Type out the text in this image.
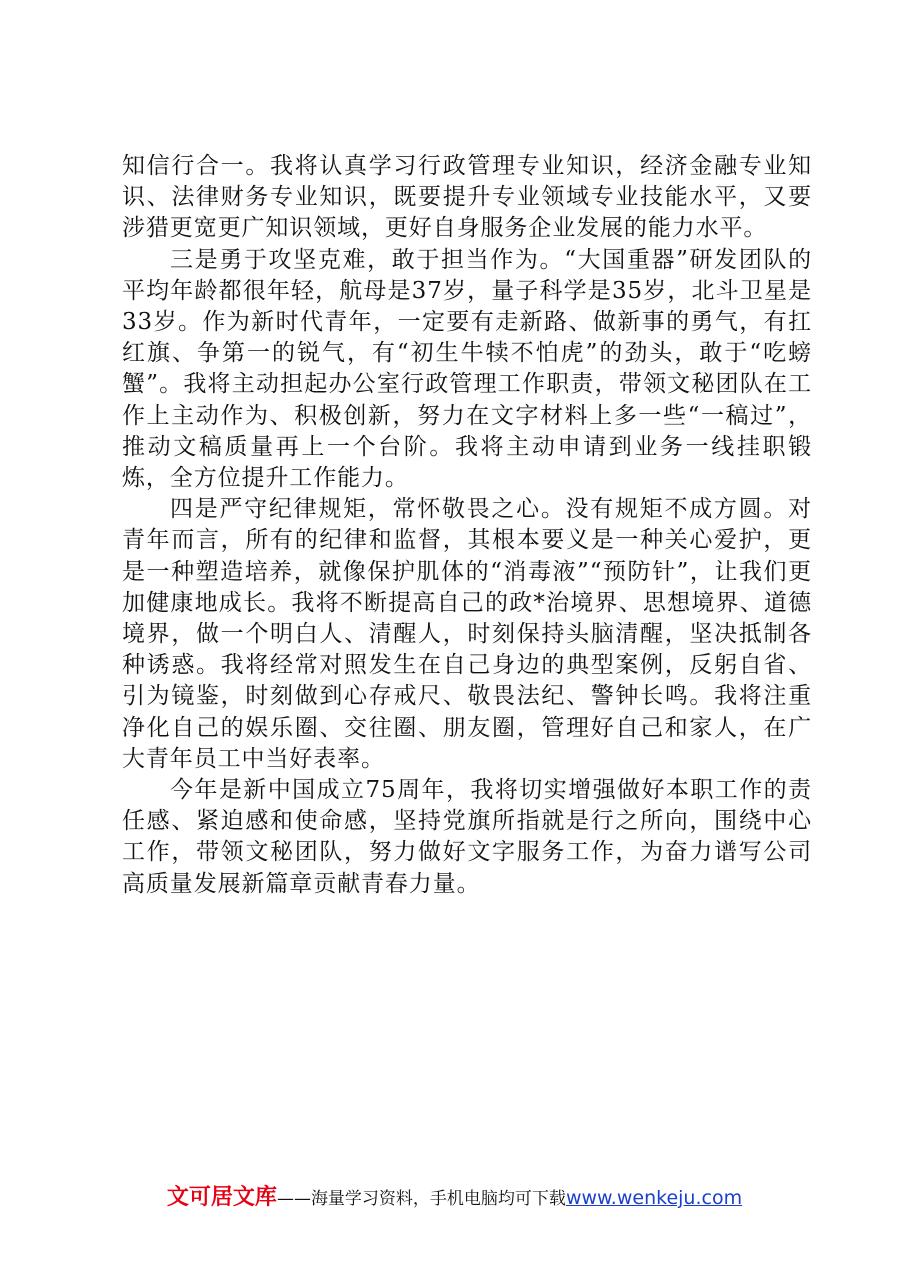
知信行合一。我将认真学习行政管理专业知识，经济金融专业知识、法律财务专业知识，既要提升专业领域专业技能水平，又要涉猎更宽更广知识领域，更好自身服务企业发展的能力水平。

三是勇于攻坚克难，敢于担当作为。“大国重器”研发团队的平均年龄都很年轻，航母是37岁，量子科学是35岁，北斗卫星是33岁。作为新时代青年，一定要有走新路、做新事的勇气，有扛红旗、争第一的锐气，有“初生牛犊不怕虎”的劲头，敢于“吃螃蟹”。我将主动担起办公室行政管理工作职责，带领文秘团队在工作上主动作为、积极创新，努力在文字材料上多一些“一稿过”，推动文稿质量再上一个台阶。我将主动申请到业务一线挂职锻炼，全方位提升工作能力。

四是严守纪律规矩，常怀敬畏之心。没有规矩不成方圆。对青年而言，所有的纪律和监督，其根本要义是一种关心爱护，更是一种塑造培养，就像保护肌体的“消毒液”“预防针”，让我们更加健康地成长。我将不断提高自己的政*治境界、思想境界、道德境界，做一个明白人、清醒人，时刻保持头脑清醒，坚决抵制各种诱惑。我将经常对照发生在自己身边的典型案例，反躬自省、引为镜鉴，时刻做到心存戒尺、敬畏法纪、警钟长鸣。我将注重净化自己的娱乐圈、交往圈、朋友圈，管理好自己和家人，在广大青年员工中当好表率。

今年是新中国成立75周年，我将切实增强做好本职工作的责任感、紧迫感和使命感，坚持党旗所指就是行之所向，围绕中心工作，带领文秘团队，努力做好文字服务工作，为奋力谱写公司高质量发展新篇章贡献青春力量。

文可居文库——海量学习资料，手机电脑均可下载www.wenkeju.com
